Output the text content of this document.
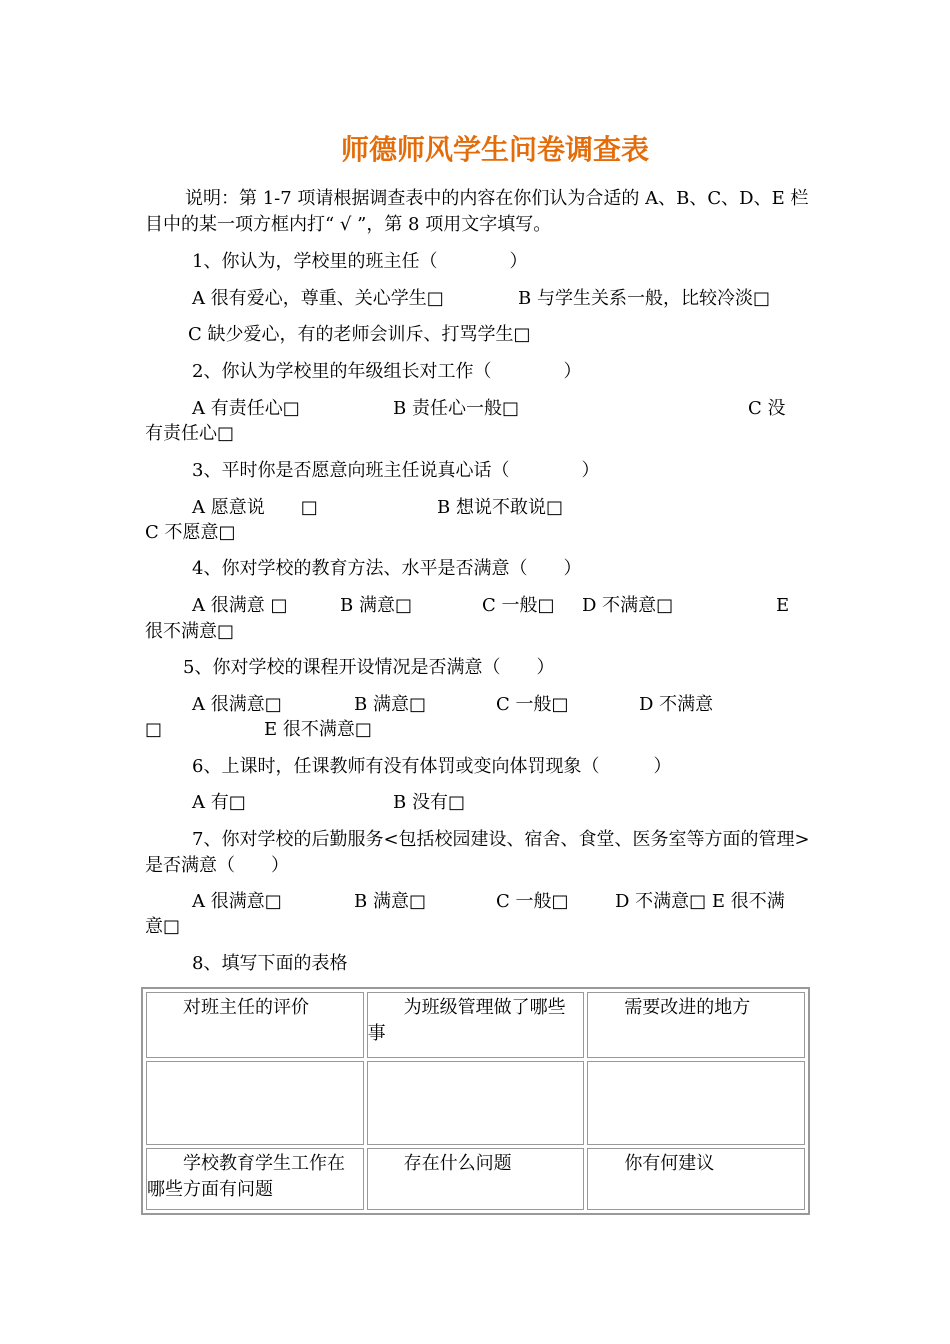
师德师风学生问卷调查表
说明：第 1-7 项请根据调查表中的内容在你们认为合适的 A、B、C、D、E 栏目中的某一项方框内打“ √ ”，第 8 项用文字填写。
1、你认为，学校里的班主任（　　　　）
A 很有爱心，尊重、关心学生□	B 与学生关系一般，比较冷淡□
C 缺少爱心，有的老师会训斥、打骂学生□
2、你认为学校里的年级组长对工作（　　　　）
A 有责任心□	B 责任心一般□	C 没
有责任心□
3、平时你是否愿意向班主任说真心话（　　　　）
A 愿意说　　□	B 想说不敢说□
C 不愿意□
4、你对学校的教育方法、水平是否满意（　　）
A 很满意 □	B 满意□	C 一般□ D 不满意□	E
很不满意□
5、你对学校的课程开设情况是否满意（　　）
A 很满意□	B 满意□	C 一般□	D 不满意
□	E 很不满意□
6、上课时，任课教师有没有体罚或变向体罚现象（　　　）
A 有□	B 没有□
7、你对学校的后勤服务<包括校园建设、宿舍、食堂、医务室等方面的管理>是否满意（　　）
A 很满意□	B 满意□	C 一般□	D 不满意□ E 很不满
意□
8、填写下面的表格
对班主任的评价	为班级管理做了哪些事	需要改进的地方

学校教育学生工作在哪些方面有问题	存在什么问题	你有何建议
